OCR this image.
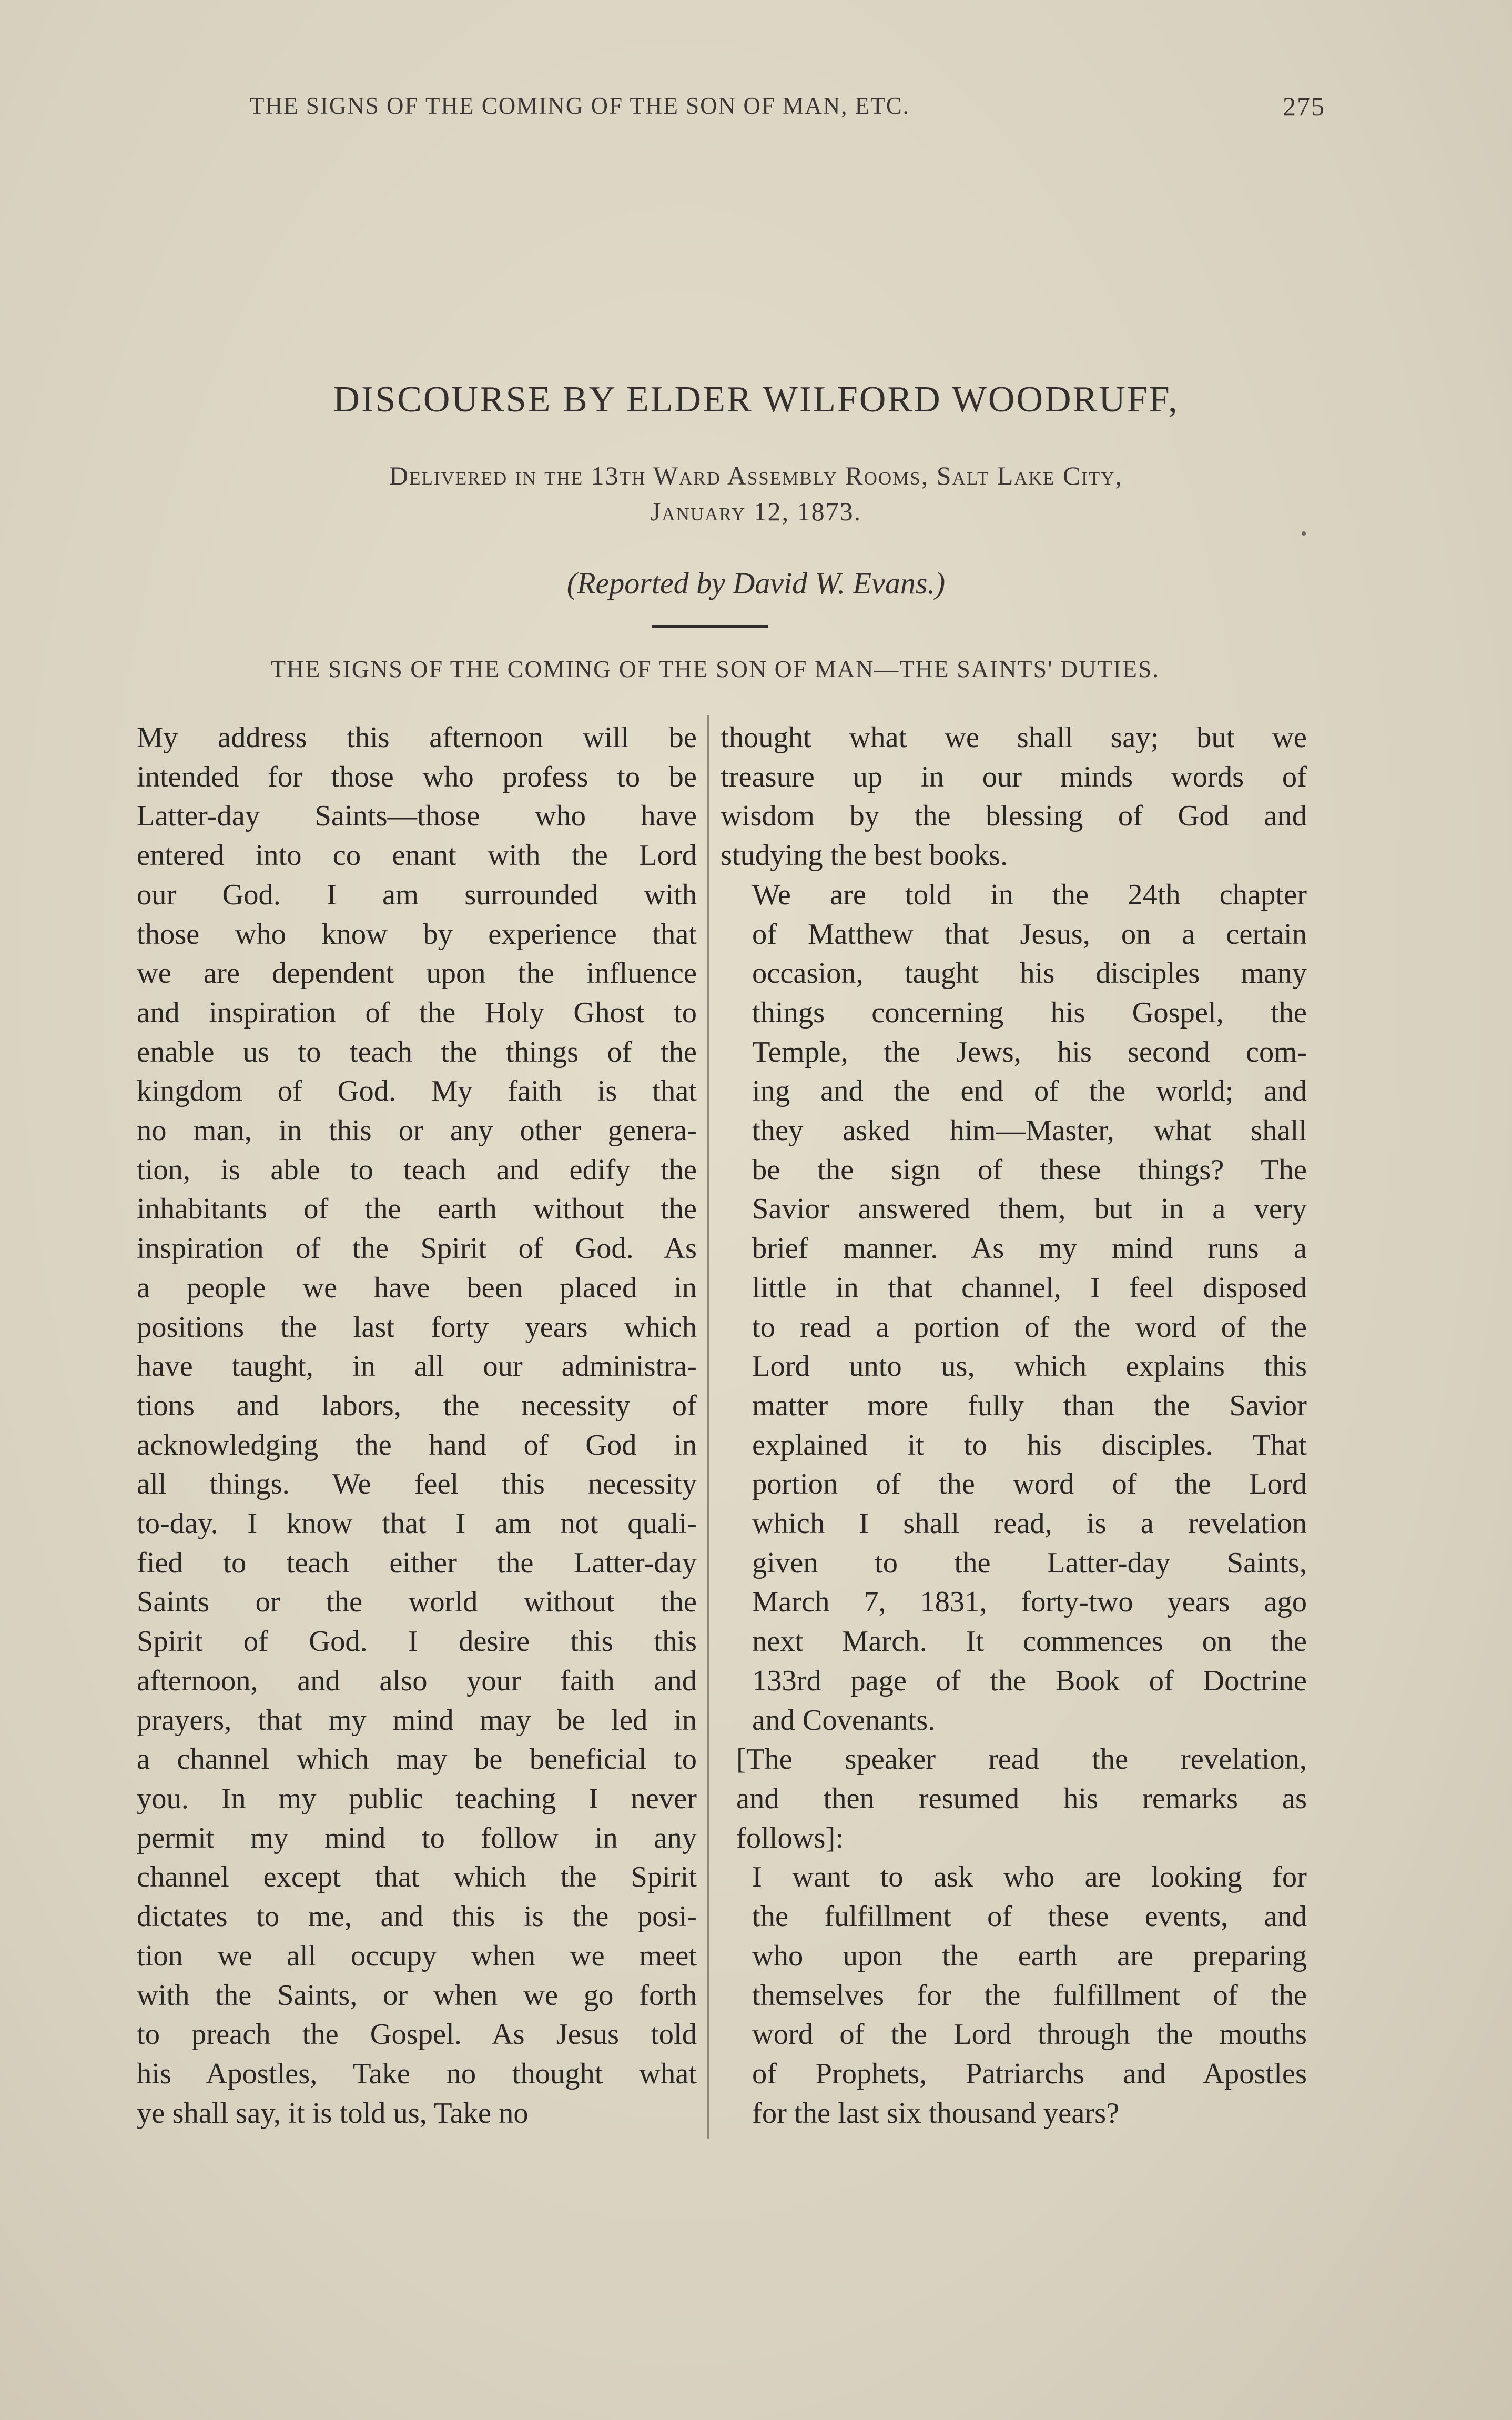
THE SIGNS OF THE COMING OF THE SON OF MAN, ETC.	275
DISCOURSE BY ELDER WILFORD WOODRUFF,
Delivered in the 13th Ward Assembly Rooms, Salt Lake City,
January 12, 1873.
(Reported by David W. Evans.)
THE SIGNS OF THE COMING OF THE SON OF MAN—THE SAINTS' DUTIES.

My address this afternoon will be
intended for those who profess to be
Latter-day Saints—those who have
entered into co enant with the Lord
our God. I am surrounded with
those who know by experience that
we are dependent upon the influence
and inspiration of the Holy Ghost to
enable us to teach the things of the
kingdom of God. My faith is that
no man, in this or any other genera-
tion, is able to teach and edify the
inhabitants of the earth without the
inspiration of the Spirit of God. As
a people we have been placed in
positions the last forty years which
have taught, in all our administra-
tions and labors, the necessity of
acknowledging the hand of God in
all things. We feel this necessity
to-day. I know that I am not quali-
fied to teach either the Latter-day
Saints or the world without the
Spirit of God. I desire this this
afternoon, and also your faith and
prayers, that my mind may be led in
a channel which may be beneficial to
you. In my public teaching I never
permit my mind to follow in any
channel except that which the Spirit
dictates to me, and this is the posi-
tion we all occupy when we meet
with the Saints, or when we go forth
to preach the Gospel. As Jesus told
his Apostles, Take no thought what
ye shall say, it is told us, Take no

thought what we shall say; but we
treasure up in our minds words of
wisdom by the blessing of God and
studying the best books.

We are told in the 24th chapter
of Matthew that Jesus, on a certain
occasion, taught his disciples many
things concerning his Gospel, the
Temple, the Jews, his second com-
ing and the end of the world; and
they asked him—Master, what shall
be the sign of these things? The
Savior answered them, but in a very
brief manner. As my mind runs a
little in that channel, I feel disposed
to read a portion of the word of the
Lord unto us, which explains this
matter more fully than the Savior
explained it to his disciples. That
portion of the word of the Lord
which I shall read, is a revelation
given to the Latter-day Saints,
March 7, 1831, forty-two years ago
next March. It commences on the
133rd page of the Book of Doctrine
and Covenants.

[The speaker read the revelation,
and then resumed his remarks as
follows]:

I want to ask who are looking for
the fulfillment of these events, and
who upon the earth are preparing
themselves for the fulfillment of the
word of the Lord through the mouths
of Prophets, Patriarchs and Apostles
for the last six thousand years?
